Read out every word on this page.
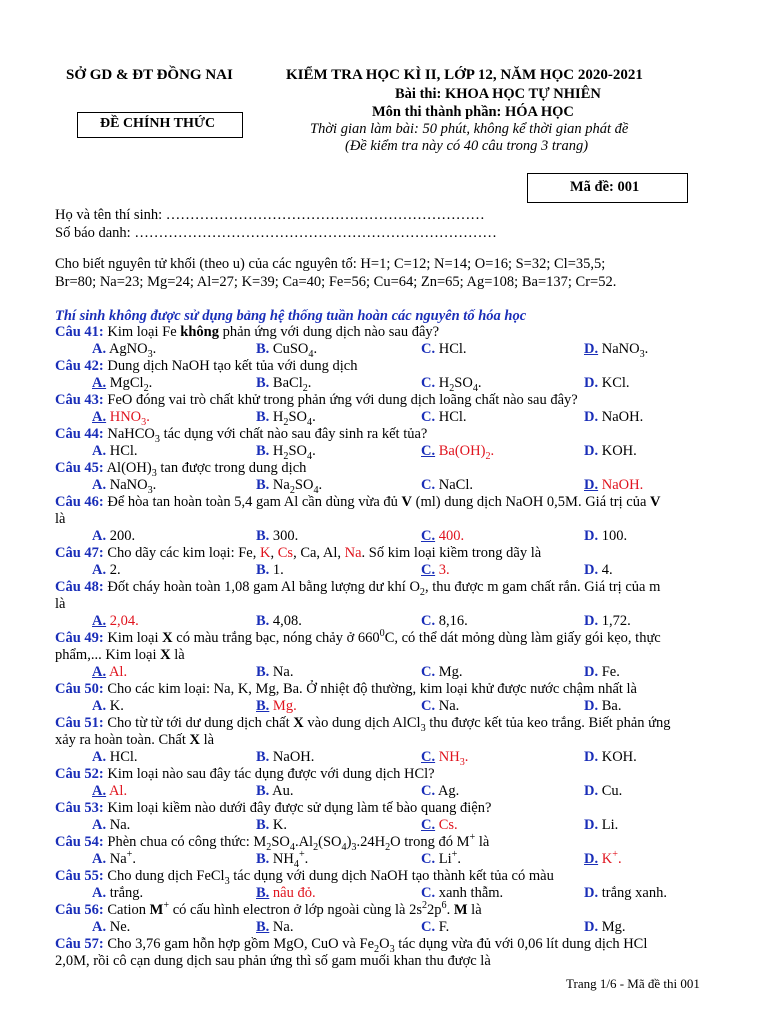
SỞ GD & ĐT ĐỒNG NAI
ĐỀ CHÍNH THỨC
KIỂM TRA HỌC KÌ II, LỚP 12, NĂM HỌC 2020-2021
Bài thi: KHOA HỌC TỰ NHIÊN
Môn thi thành phần: HÓA HỌC
Thời gian làm bài: 50 phút, không kể thời gian phát đề
(Đề kiểm tra này có 40 câu trong 3 trang)
Mã đề: 001
Họ và tên thí sinh: …………………………………………………………
Số báo danh: …………………………………………………………………
Cho biết nguyên tử khối (theo u) của các nguyên tố: H=1; C=12; N=14; O=16; S=32; Cl=35,5;
Br=80; Na=23; Mg=24; Al=27; K=39; Ca=40; Fe=56; Cu=64; Zn=65; Ag=108; Ba=137; Cr=52.
Thí sinh không được sử dụng bảng hệ thống tuần hoàn các nguyên tố hóa học
Câu 41: Kim loại Fe không phản ứng với dung dịch nào sau đây?
A. AgNO$_3$.	B. CuSO$_4$.	C. HCl.	D. NaNO$_3$.
Câu 42: Dung dịch NaOH tạo kết tủa với dung dịch
A. MgCl$_2$.	B. BaCl$_2$.	C. $H_2SO_4$.	D. KCl.
Câu 43: FeO đóng vai trò chất khử trong phản ứng với dung dịch loãng chất nào sau đây?
A. $HNO_3$.	B. $H_2SO_4$.	C. HCl.	D. NaOH.
Câu 44: NaHCO$_3$ tác dụng với chất nào sau đây sinh ra kết tủa?
A. HCl.	B. $H_2SO_4$.	C. $Ba(OH)_2$.	D. KOH.
Câu 45: $Al(OH)_3$ tan được trong dung dịch
A. NaNO$_3$.	B. $Na_2SO_4$.	C. NaCl.	D. NaOH.
Câu 46: Để hòa tan hoàn toàn 5,4 gam Al cần dùng vừa đủ V (ml) dung dịch NaOH 0,5M. Giá trị của V
là
A. 200.	B. 300.	C. 400.	D. 100.
Câu 47: Cho dãy các kim loại: Fe, K, Cs, Ca, Al, Na. Số kim loại kiềm trong dãy là
A. 2.	B. 1.	C. 3.	D. 4.
Câu 48: Đốt cháy hoàn toàn 1,08 gam Al bằng lượng dư khí $O_2$, thu được m gam chất rắn. Giá trị của m
là
A. 2,04.	B. 4,08.	C. 8,16.	D. 1,72.
Câu 49: Kim loại X có màu trắng bạc, nóng chảy ở $660^0C$, có thể dát mỏng dùng làm giấy gói kẹo, thực
phẩm,... Kim loại X là
A. Al.	B. Na.	C. Mg.	D. Fe.
Câu 50: Cho các kim loại: Na, K, Mg, Ba. Ở nhiệt độ thường, kim loại khử được nước chậm nhất là
A. K.	B. Mg.	C. Na.	D. Ba.
Câu 51: Cho từ từ tới dư dung dịch chất X vào dung dịch AlCl$_3$ thu được kết tủa keo trắng. Biết phản ứng
xảy ra hoàn toàn. Chất X là
A. HCl.	B. NaOH.	C. $NH_3$.	D. KOH.
Câu 52: Kim loại nào sau đây tác dụng được với dung dịch HCl?
A. Al.	B. Au.	C. Ag.	D. Cu.
Câu 53: Kim loại kiềm nào dưới đây được sử dụng làm tế bào quang điện?
A. Na.	B. K.	C. Cs.	D. Li.
Câu 54: Phèn chua có công thức: $M_2SO_4.Al_2(SO_4)_3.24H_2O$ trong đó M+ là
A. Na+.	B. $NH_4^+$.	C. Li+.	D. K+.
Câu 55: Cho dung dịch FeCl$_3$ tác dụng với dung dịch NaOH tạo thành kết tủa có màu
A. trắng.	B. nâu đỏ.	C. xanh thẫm.	D. trắng xanh.
Câu 56: Cation M+ có cấu hình electron ở lớp ngoài cùng là $2s^22p^6$. M là
A. Ne.	B. Na.	C. F.	D. Mg.
Câu 57: Cho 3,76 gam hỗn hợp gồm MgO, CuO và $Fe_2O_3$ tác dụng vừa đủ với 0,06 lít dung dịch HCl
2,0M, rồi cô cạn dung dịch sau phản ứng thì số gam muối khan thu được là
Trang 1/6 - Mã đề thi 001
